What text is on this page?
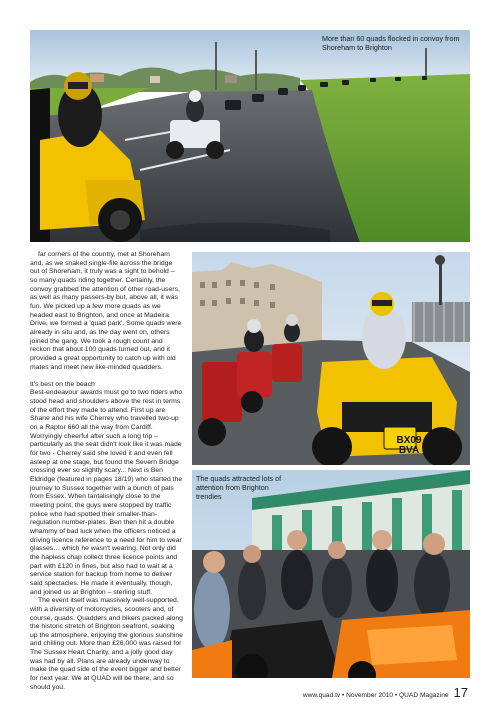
More than 60 quads flocked in convoy from Shoreham to Brighton
BX09 BVA
The quads attracted lots of attention from Brighton trendies

far corners of the country, met at Shoreham and, as we snaked single-file across the bridge out of Shoreham, it truly was a sight to behold – so many quads riding together. Certainly, the convoy grabbed the attention of other road-users, as well as many passers-by but, above all, it was fun. We picked up a few more quads as we headed east to Brighton, and once at Madeira Drive, we formed a 'quad park'. Some quads were already in situ and, as the day went on, others joined the gang. We took a rough count and reckon that about 100 quads turned out, and it provided a great opportunity to catch up with old mates and meet new like-minded quadders.

It's best on the beach

Best-endeavour awards must go to two riders who stood head and shoulders above the rest in terms of the effort they made to attend. First up are Shane and his wife Cherrey who travelled two-up on a Raptor 660 all the way from Cardiff. Worryingly cheerful after such a long trip – particularly as the seat didn't look like it was made for two - Cherrey said she loved it and even fell asleep at one stage, but found the Severn Bridge crossing ever so slightly scary... Next is Ben Eldridge (featured in pages 18/19) who started the journey to Sussex together with a bunch of pals from Essex. When tantalisingly close to the meeting point, the guys were stopped by traffic police who had spotted their smaller-than-regulation number-plates. Ben then hit a double whammy of bad luck when the officers noticed a driving licence reference to a need for him to wear glasses… which he wasn't wearing. Not only did the hapless chap collect three licence points and part with £120 in fines, but also had to wait at a service station for backup from home to deliver said spectacles. He made it eventually, though, and joined us at Brighton – sterling stuff.

The event itself was massively well-supported, with a diversity of motorcycles, scooters and, of course, quads. Quadders and bikers packed along the historic stretch of Brighton seafront, soaking up the atmosphere, enjoying the glorious sunshine and chilling out. More than £26,000 was raised for The Sussex Heart Charity, and a jolly good day was had by all. Plans are already underway to make the quad side of the event bigger and better for next year. We at QUAD will be there, and so should you.

www.quad.tv • November 2010 • QUAD Magazine 17
